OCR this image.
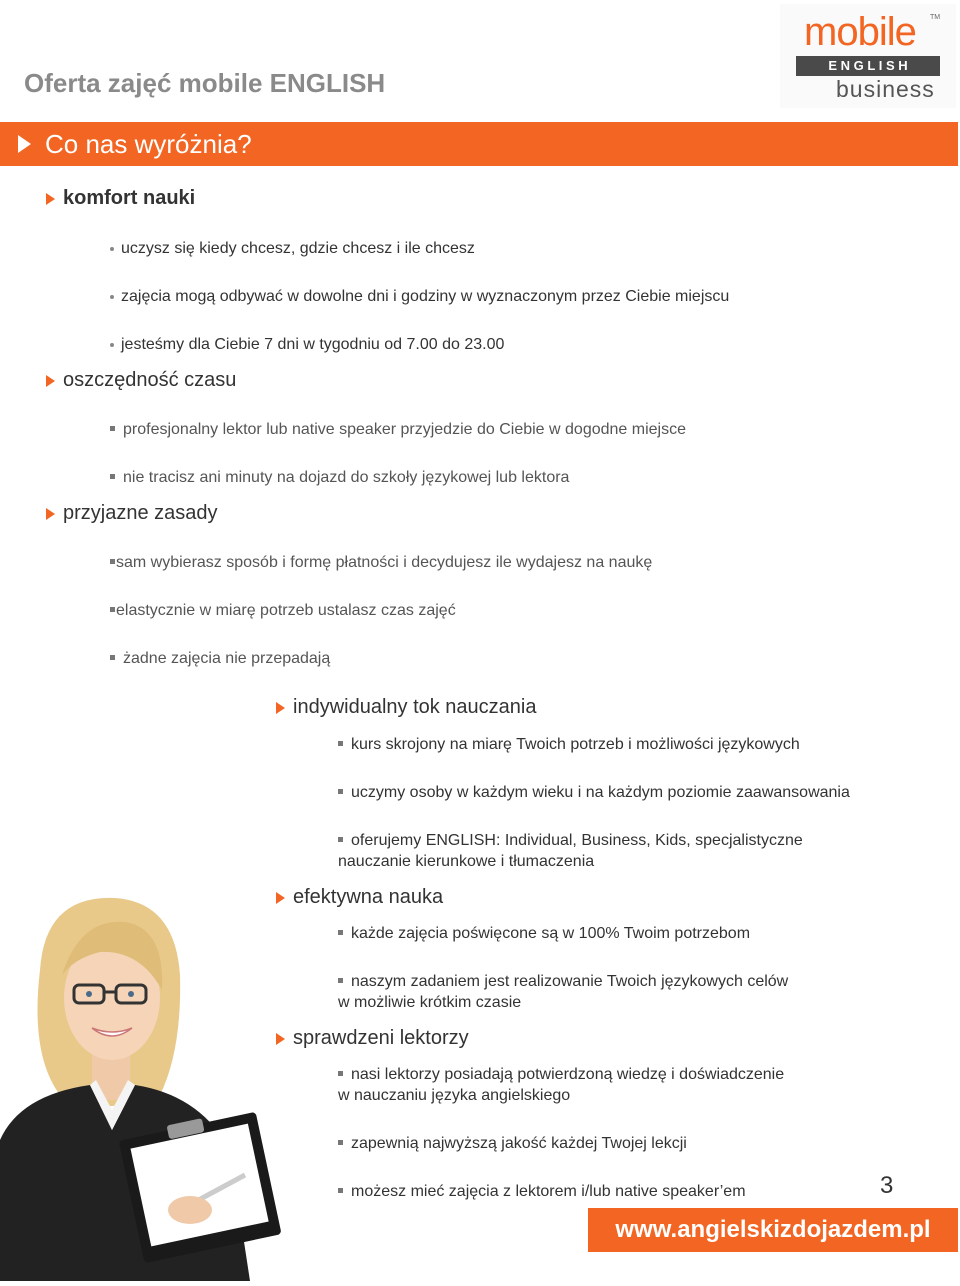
Oferta zajęć mobile ENGLISH
mobile TM
E N G L I S H
business
Co nas wyróżnia?
komfort nauki
uczysz się kiedy chcesz, gdzie chcesz i ile chcesz
zajęcia mogą odbywać w dowolne dni i godziny w wyznaczonym przez Ciebie miejscu
jesteśmy dla Ciebie 7 dni w tygodniu od 7.00 do 23.00
oszczędność czasu
profesjonalny lektor lub native speaker przyjedzie do Ciebie w dogodne miejsce
nie tracisz ani minuty na dojazd do szkoły językowej lub lektora
przyjazne zasady
sam wybierasz sposób i formę płatności i decydujesz ile wydajesz na naukę
elastycznie w miarę potrzeb ustalasz czas zajęć
żadne zajęcia nie przepadają
indywidualny tok nauczania
kurs skrojony na miarę Twoich potrzeb i możliwości językowych
uczymy osoby w każdym wieku i na każdym poziomie zaawansowania
oferujemy ENGLISH: Individual, Business, Kids, specjalistyczne
nauczanie kierunkowe i tłumaczenia
efektywna nauka
każde zajęcia poświęcone są w 100% Twoim potrzebom
naszym zadaniem jest realizowanie Twoich językowych celów
w możliwie krótkim czasie
sprawdzeni lektorzy
nasi lektorzy posiadają potwierdzoną wiedzę i doświadczenie
w nauczaniu języka angielskiego
zapewnią najwyższą jakość każdej Twojej lekcji
możesz mieć zajęcia z lektorem i/lub native speaker’em	3
www.angielskizdojazdem.pl
